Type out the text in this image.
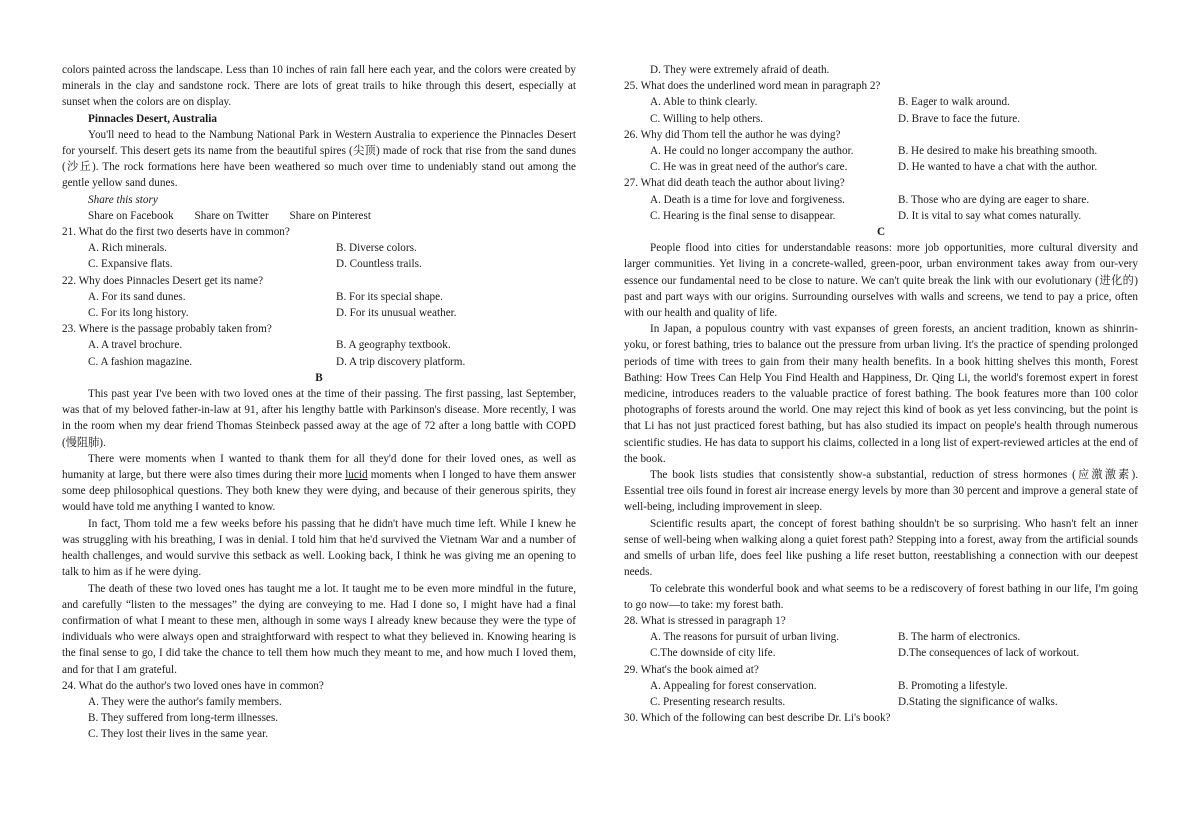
colors painted across the landscape. Less than 10 inches of rain fall here each year, and the colors were created by minerals in the clay and sandstone rock. There are lots of great trails to hike through this desert, especially at sunset when the colors are on display.

Pinnacles Desert, Australia

You'll need to head to the Nambung National Park in Western Australia to experience the Pinnacles Desert for yourself. This desert gets its name from the beautiful spires (尖顶) made of rock that rise from the sand dunes (沙丘). The rock formations here have been weathered so much over time to undeniably stand out among the gentle yellow sand dunes.

Share this story

Share on Facebook Share on Twitter Share on Pinterest

21. What do the first two deserts have in common?

A. Rich minerals.	B. Diverse colors.
C. Expansive flats.	D. Countless trails.

22. Why does Pinnacles Desert get its name?

A. For its sand dunes.	B. For its special shape.
C. For its long history.	D. For its unusual weather.

23. Where is the passage probably taken from?

A. A travel brochure.	B. A geography textbook.
C. A fashion magazine.	D. A trip discovery platform.

B

This past year I've been with two loved ones at the time of their passing. The first passing, last September, was that of my beloved father-in-law at 91, after his lengthy battle with Parkinson's disease. More recently, I was in the room when my dear friend Thomas Steinbeck passed away at the age of 72 after a long battle with COPD (慢阻肺).

There were moments when I wanted to thank them for all they'd done for their loved ones, as well as humanity at large, but there were also times during their more lucid moments when I longed to have them answer some deep philosophical questions. They both knew they were dying, and because of their generous spirits, they would have told me anything I wanted to know.

In fact, Thom told me a few weeks before his passing that he didn't have much time left. While I knew he was struggling with his breathing, I was in denial. I told him that he'd survived the Vietnam War and a number of health challenges, and would survive this setback as well. Looking back, I think he was giving me an opening to talk to him as if he were dying.

The death of these two loved ones has taught me a lot. It taught me to be even more mindful in the future, and carefully “listen to the messages” the dying are conveying to me. Had I done so, I might have had a final confirmation of what I meant to these men, although in some ways I already knew because they were the type of individuals who were always open and straightforward with respect to what they believed in. Knowing hearing is the final sense to go, I did take the chance to tell them how much they meant to me, and how much I loved them, and for that I am grateful.

24. What do the author's two loved ones have in common?

A. They were the author's family members.

B. They suffered from long-term illnesses.

C. They lost their lives in the same year.

D. They were extremely afraid of death.

25. What does the underlined word mean in paragraph 2?

A. Able to think clearly.	B. Eager to walk around.
C. Willing to help others.	D. Brave to face the future.

26. Why did Thom tell the author he was dying?

A. He could no longer accompany the author.	B. He desired to make his breathing smooth.
C. He was in great need of the author's care.	D. He wanted to have a chat with the author.

27. What did death teach the author about living?

A. Death is a time for love and forgiveness.	B. Those who are dying are eager to share.
C. Hearing is the final sense to disappear.	D. It is vital to say what comes naturally.

C

People flood into cities for understandable reasons: more job opportunities, more cultural diversity and larger communities. Yet living in a concrete-walled, green-poor, urban environment takes away from our-very essence our fundamental need to be close to nature. We can't quite break the link with our evolutionary (进化的) past and part ways with our origins. Surrounding ourselves with walls and screens, we tend to pay a price, often with our health and quality of life.

In Japan, a populous country with vast expanses of green forests, an ancient tradition, known as shinrin-yoku, or forest bathing, tries to balance out the pressure from urban living. It's the practice of spending prolonged periods of time with trees to gain from their many health benefits. In a book hitting shelves this month, Forest Bathing: How Trees Can Help You Find Health and Happiness, Dr. Qing Li, the world's foremost expert in forest medicine, introduces readers to the valuable practice of forest bathing. The book features more than 100 color photographs of forests around the world. One may reject this kind of book as yet less convincing, but the point is that Li has not just practiced forest bathing, but has also studied its impact on people's health through numerous scientific studies. He has data to support his claims, collected in a long list of expert-reviewed articles at the end of the book.

The book lists studies that consistently show-a substantial, reduction of stress hormones (应激激素). Essential tree oils found in forest air increase energy levels by more than 30 percent and improve a general state of well-being, including improvement in sleep.

Scientific results apart, the concept of forest bathing shouldn't be so surprising. Who hasn't felt an inner sense of well-being when walking along a quiet forest path? Stepping into a forest, away from the artificial sounds and smells of urban life, does feel like pushing a life reset button, reestablishing a connection with our deepest needs.

To celebrate this wonderful book and what seems to be a rediscovery of forest bathing in our life, I'm going to go now—to take: my forest bath.

28. What is stressed in paragraph 1?

A. The reasons for pursuit of urban living.	B. The harm of electronics.
C.The downside of city life.	D.The consequences of lack of workout.

29. What's the book aimed at?

A. Appealing for forest conservation.	B. Promoting a lifestyle.
C. Presenting research results.	D.Stating the significance of walks.

30. Which of the following can best describe Dr. Li's book?
